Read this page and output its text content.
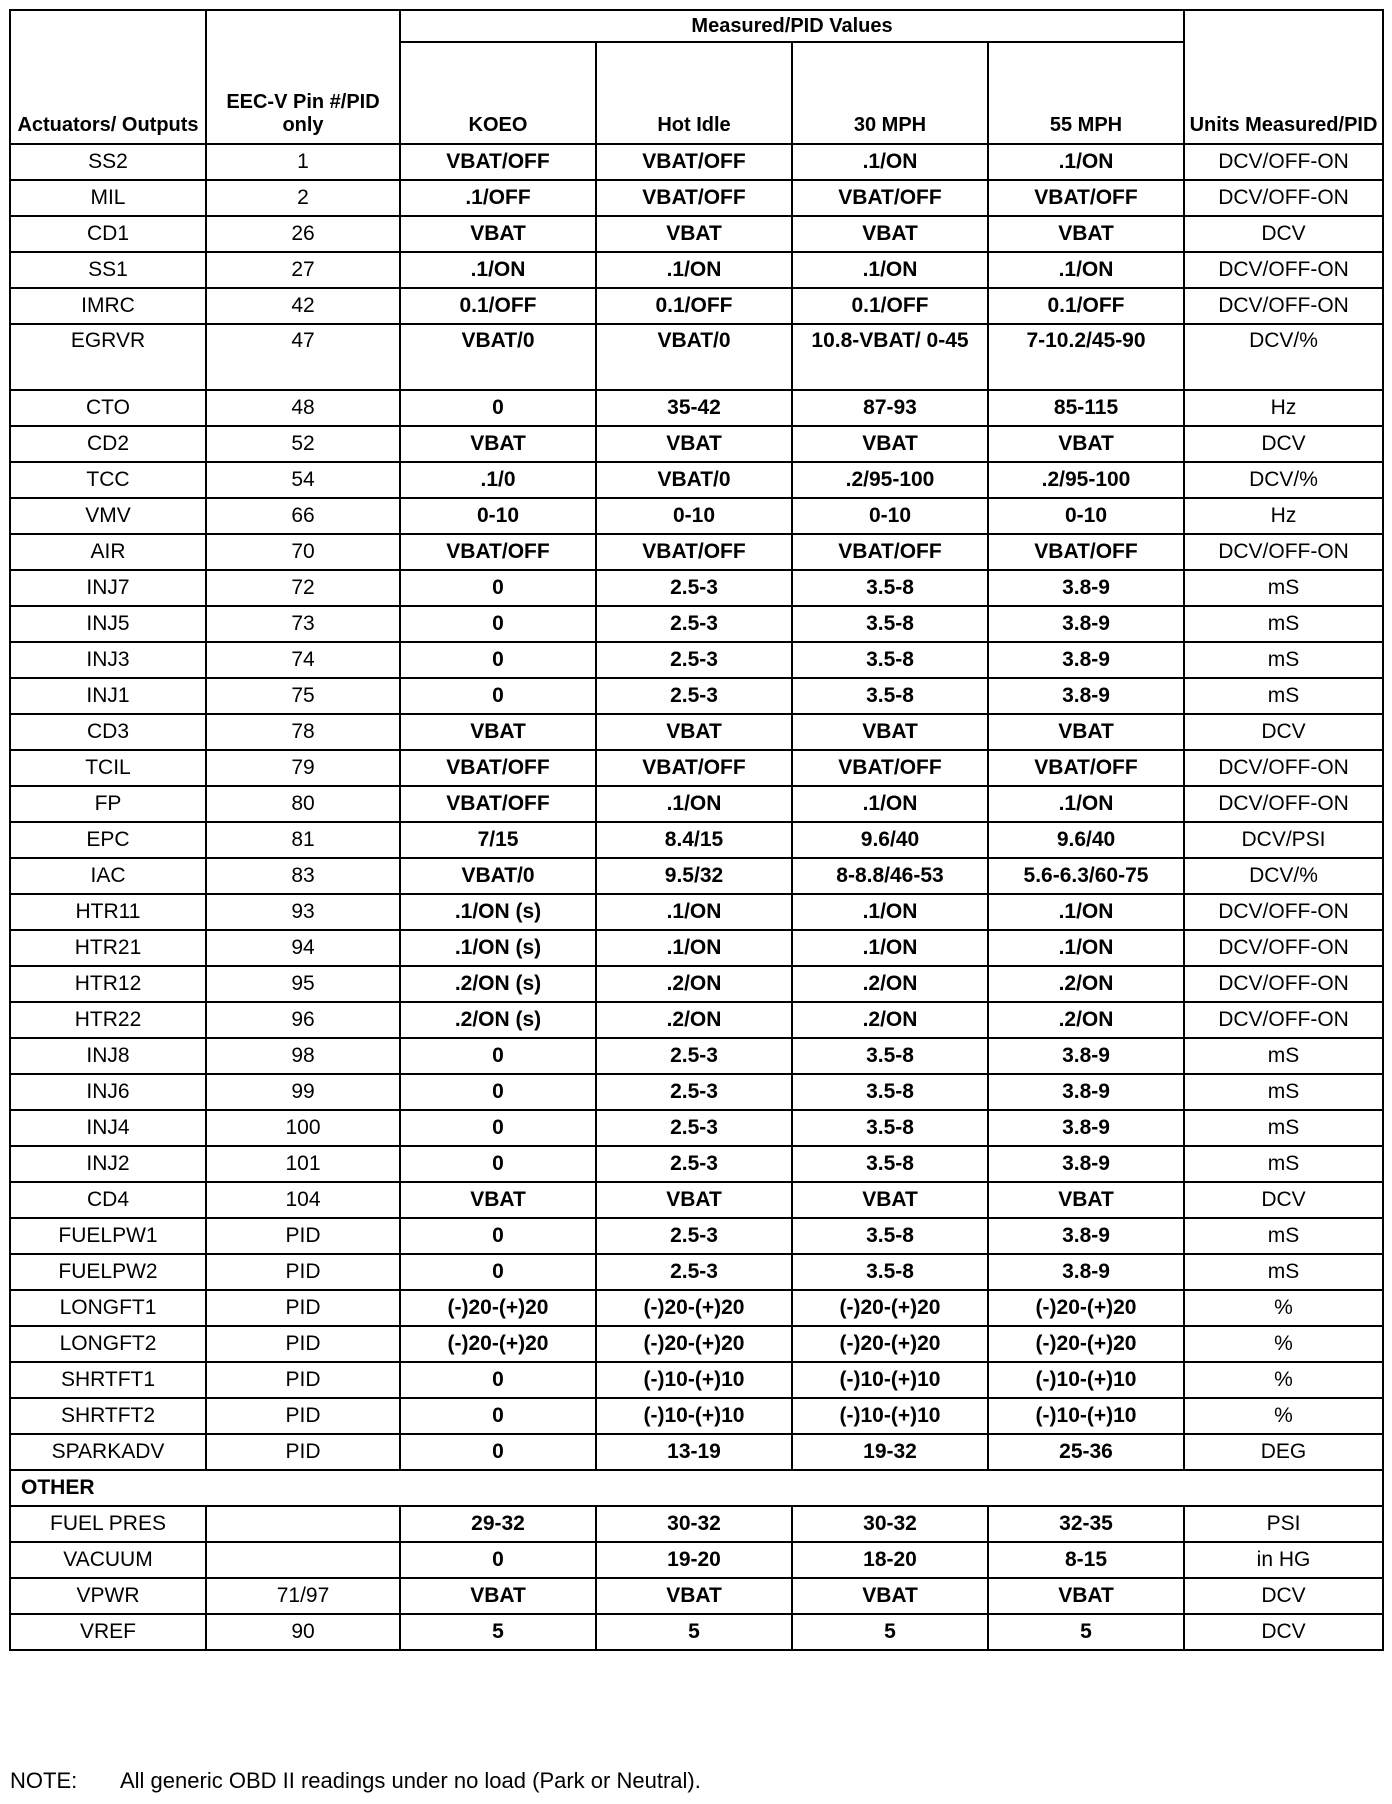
Actuators/ Outputs	EEC-V Pin #/PID only	Measured/PID Values				Units Measured/PID
		KOEO	Hot Idle	30 MPH	55 MPH	
SS2	1	VBAT/OFF	VBAT/OFF	.1/ON	.1/ON	DCV/OFF-ON
MIL	2	.1/OFF	VBAT/OFF	VBAT/OFF	VBAT/OFF	DCV/OFF-ON
CD1	26	VBAT	VBAT	VBAT	VBAT	DCV
SS1	27	.1/ON	.1/ON	.1/ON	.1/ON	DCV/OFF-ON
IMRC	42	0.1/OFF	0.1/OFF	0.1/OFF	0.1/OFF	DCV/OFF-ON
EGRVR	47	VBAT/0	VBAT/0	10.8-VBAT/ 0-45	7-10.2/45-90	DCV/%
CTO	48	0	35-42	87-93	85-115	Hz
CD2	52	VBAT	VBAT	VBAT	VBAT	DCV
TCC	54	.1/0	VBAT/0	.2/95-100	.2/95-100	DCV/%
VMV	66	0-10	0-10	0-10	0-10	Hz
AIR	70	VBAT/OFF	VBAT/OFF	VBAT/OFF	VBAT/OFF	DCV/OFF-ON
INJ7	72	0	2.5-3	3.5-8	3.8-9	mS
INJ5	73	0	2.5-3	3.5-8	3.8-9	mS
INJ3	74	0	2.5-3	3.5-8	3.8-9	mS
INJ1	75	0	2.5-3	3.5-8	3.8-9	mS
CD3	78	VBAT	VBAT	VBAT	VBAT	DCV
TCIL	79	VBAT/OFF	VBAT/OFF	VBAT/OFF	VBAT/OFF	DCV/OFF-ON
FP	80	VBAT/OFF	.1/ON	.1/ON	.1/ON	DCV/OFF-ON
EPC	81	7/15	8.4/15	9.6/40	9.6/40	DCV/PSI
IAC	83	VBAT/0	9.5/32	8-8.8/46-53	5.6-6.3/60-75	DCV/%
HTR11	93	.1/ON (s)	.1/ON	.1/ON	.1/ON	DCV/OFF-ON
HTR21	94	.1/ON (s)	.1/ON	.1/ON	.1/ON	DCV/OFF-ON
HTR12	95	.2/ON (s)	.2/ON	.2/ON	.2/ON	DCV/OFF-ON
HTR22	96	.2/ON (s)	.2/ON	.2/ON	.2/ON	DCV/OFF-ON
INJ8	98	0	2.5-3	3.5-8	3.8-9	mS
INJ6	99	0	2.5-3	3.5-8	3.8-9	mS
INJ4	100	0	2.5-3	3.5-8	3.8-9	mS
INJ2	101	0	2.5-3	3.5-8	3.8-9	mS
CD4	104	VBAT	VBAT	VBAT	VBAT	DCV
FUELPW1	PID	0	2.5-3	3.5-8	3.8-9	mS
FUELPW2	PID	0	2.5-3	3.5-8	3.8-9	mS
LONGFT1	PID	(-)20-(+)20	(-)20-(+)20	(-)20-(+)20	(-)20-(+)20	%
LONGFT2	PID	(-)20-(+)20	(-)20-(+)20	(-)20-(+)20	(-)20-(+)20	%
SHRTFT1	PID	0	(-)10-(+)10	(-)10-(+)10	(-)10-(+)10	%
SHRTFT2	PID	0	(-)10-(+)10	(-)10-(+)10	(-)10-(+)10	%
SPARKADV	PID	0	13-19	19-32	25-36	DEG
OTHER						
FUEL PRES		29-32	30-32	30-32	32-35	PSI
VACUUM		0	19-20	18-20	8-15	in HG
VPWR	71/97	VBAT	VBAT	VBAT	VBAT	DCV
VREF	90	5	5	5	5	DCV
NOTE: All generic OBD II readings under no load (Park or Neutral).
